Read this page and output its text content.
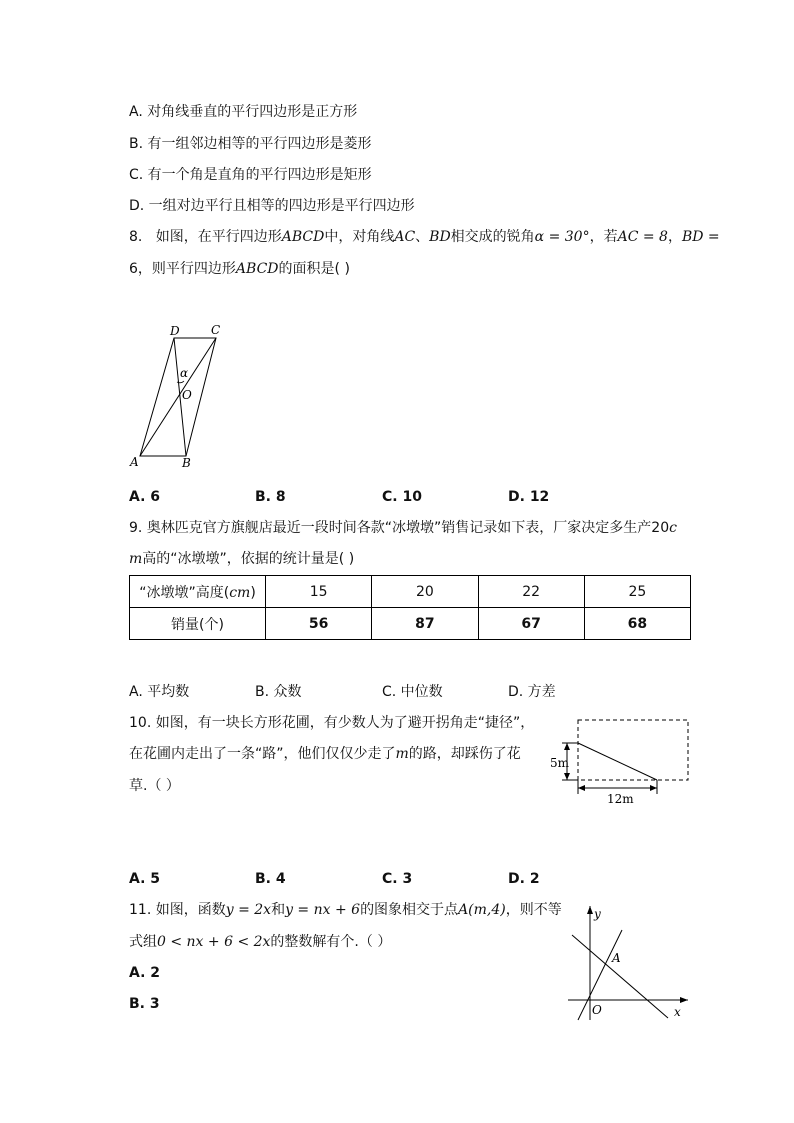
A. 对角线垂直的平行四边形是正方形
B. 有一组邻边相等的平行四边形是菱形
C. 有一个角是直角的平行四边形是矩形
D. 一组对边平行且相等的四边形是平行四边形
8. 如图，在平行四边形ABCD中，对角线AC、BD相交成的锐角α = 30°，若AC = 8，BD =
6，则平行四边形ABCD的面积是( )
D	C
α
O
A	B
A. 6	B. 8	C. 10	D. 12
9. 奥林匹克官方旗舰店最近一段时间各款“冰墩墩”销售记录如下表，厂家决定多生产20c
m高的“冰墩墩”，依据的统计量是( )
“冰墩墩”高度(cm)	15	20	22	25
销量(个)	56	87	67	68
A. 平均数	B. 众数	C. 中位数	D. 方差
10. 如图，有一块长方形花圃，有少数人为了避开拐角走“捷径”，
在花圃内走出了一条“路”，他们仅仅少走了m的路，却踩伤了花
草.（ ）
5m
12m
A. 5	B. 4	C. 3	D. 2
11. 如图，函数y = 2x和y = nx + 6的图象相交于点A(m,4)，则不等
式组0 < nx + 6 < 2x的整数解有个.（ ）
A. 2
B. 3
y
x
O
A
